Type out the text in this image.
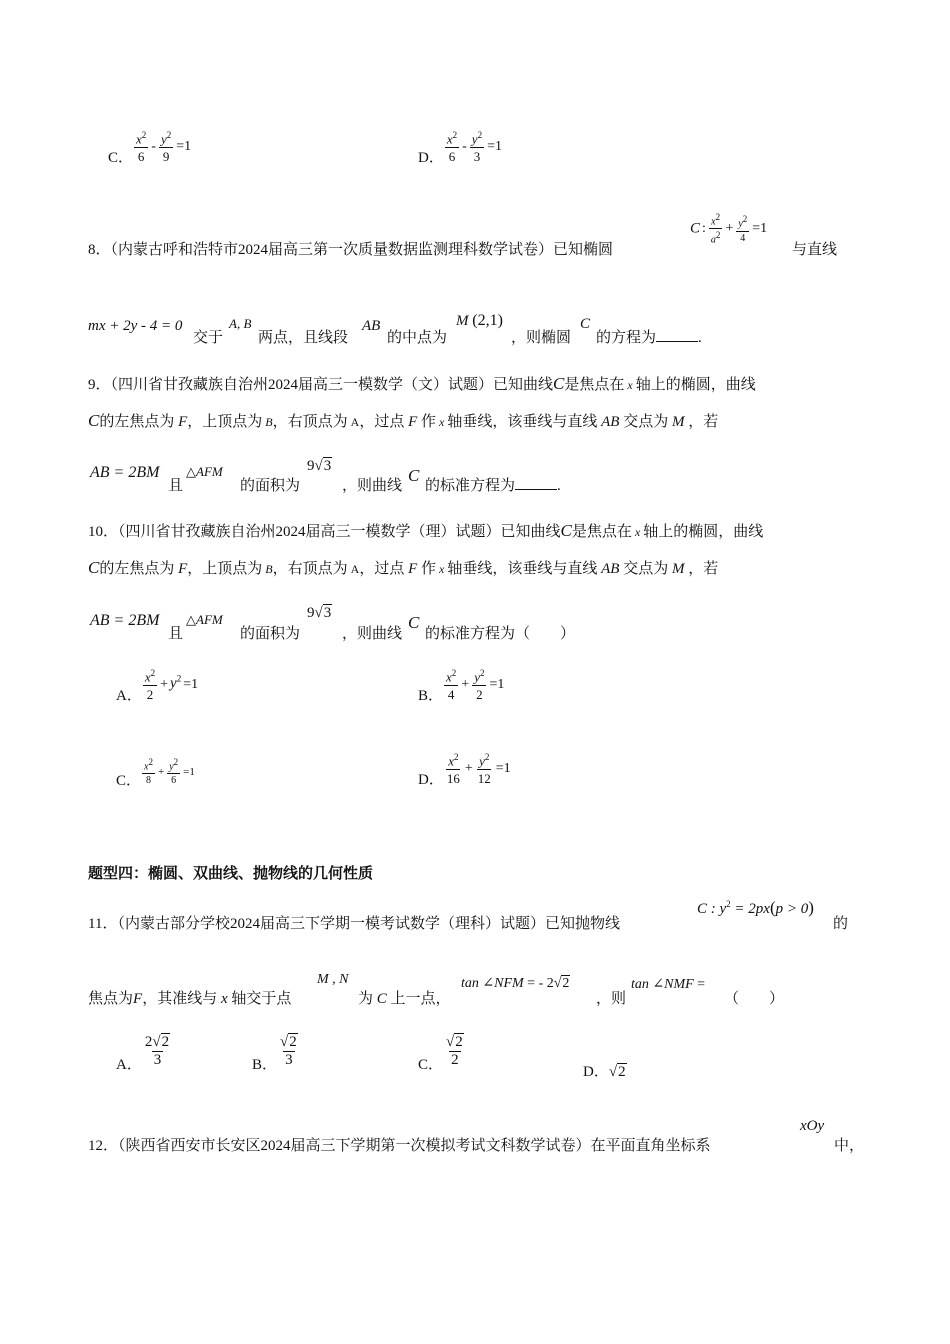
C． $\frac{x^2}{6} - \frac{y^2}{9} =1$
D． $\frac{x^2}{6} - \frac{y^2}{3} =1$
8．（内蒙古呼和浩特市2024届高三第一次质量数据监测理科数学试卷）已知椭圆
C : $\frac{x^2}{a^2} + \frac{y^2}{4} =1$
与直线
mx + 2y - 4 = 0
交于
A, B
两点，且线段
AB
的中点为
M (2,1)
，则椭圆
C
的方程为	.
9．（四川省甘孜藏族自治州2024届高三一模数学（文）试题）已知曲线C是焦点在 x 轴上的椭圆，曲线
C的左焦点为 F，上顶点为 B，右顶点为 A，过点 F 作 x 轴垂线，该垂线与直线 AB 交点为 M ，若
AB = 2BM
且
△AFM
的面积为
9√3
，则曲线
C
的标准方程为	.
10．（四川省甘孜藏族自治州2024届高三一模数学（理）试题）已知曲线C是焦点在 x 轴上的椭圆，曲线
C的左焦点为 F，上顶点为 B，右顶点为 A，过点 F 作 x 轴垂线，该垂线与直线 AB 交点为 M ，若
AB = 2BM
且
△AFM
的面积为
9√3
，则曲线
C
的标准方程为（　　）
A． $\frac{x^2}{2} + y^2 =1$
B． $\frac{x^2}{4} + \frac{y^2}{2} =1$
C． $\frac{x^2}{8} + \frac{y^2}{6} =1$	D． $\frac{x^2}{16} + \frac{y^2}{12} =1$
题型四：椭圆、双曲线、抛物线的几何性质
11．（内蒙古部分学校2024届高三下学期一模考试数学（理科）试题）已知抛物线
C : $y^2 = 2px(p > 0)$
的
焦点为F，其准线与 x 轴交于点
M , N
为 C 上一点，
tan ∠NFM = - 2√2
，则
tan ∠NMF =
（　　）
A． $\frac{2√2}{3}$	B． $\frac{√2}{3}$	C． $\frac{√2}{2}$
D．√2
12．（陕西省西安市长安区2024届高三下学期第一次模拟考试文科数学试卷）在平面直角坐标系
xOy
中，
